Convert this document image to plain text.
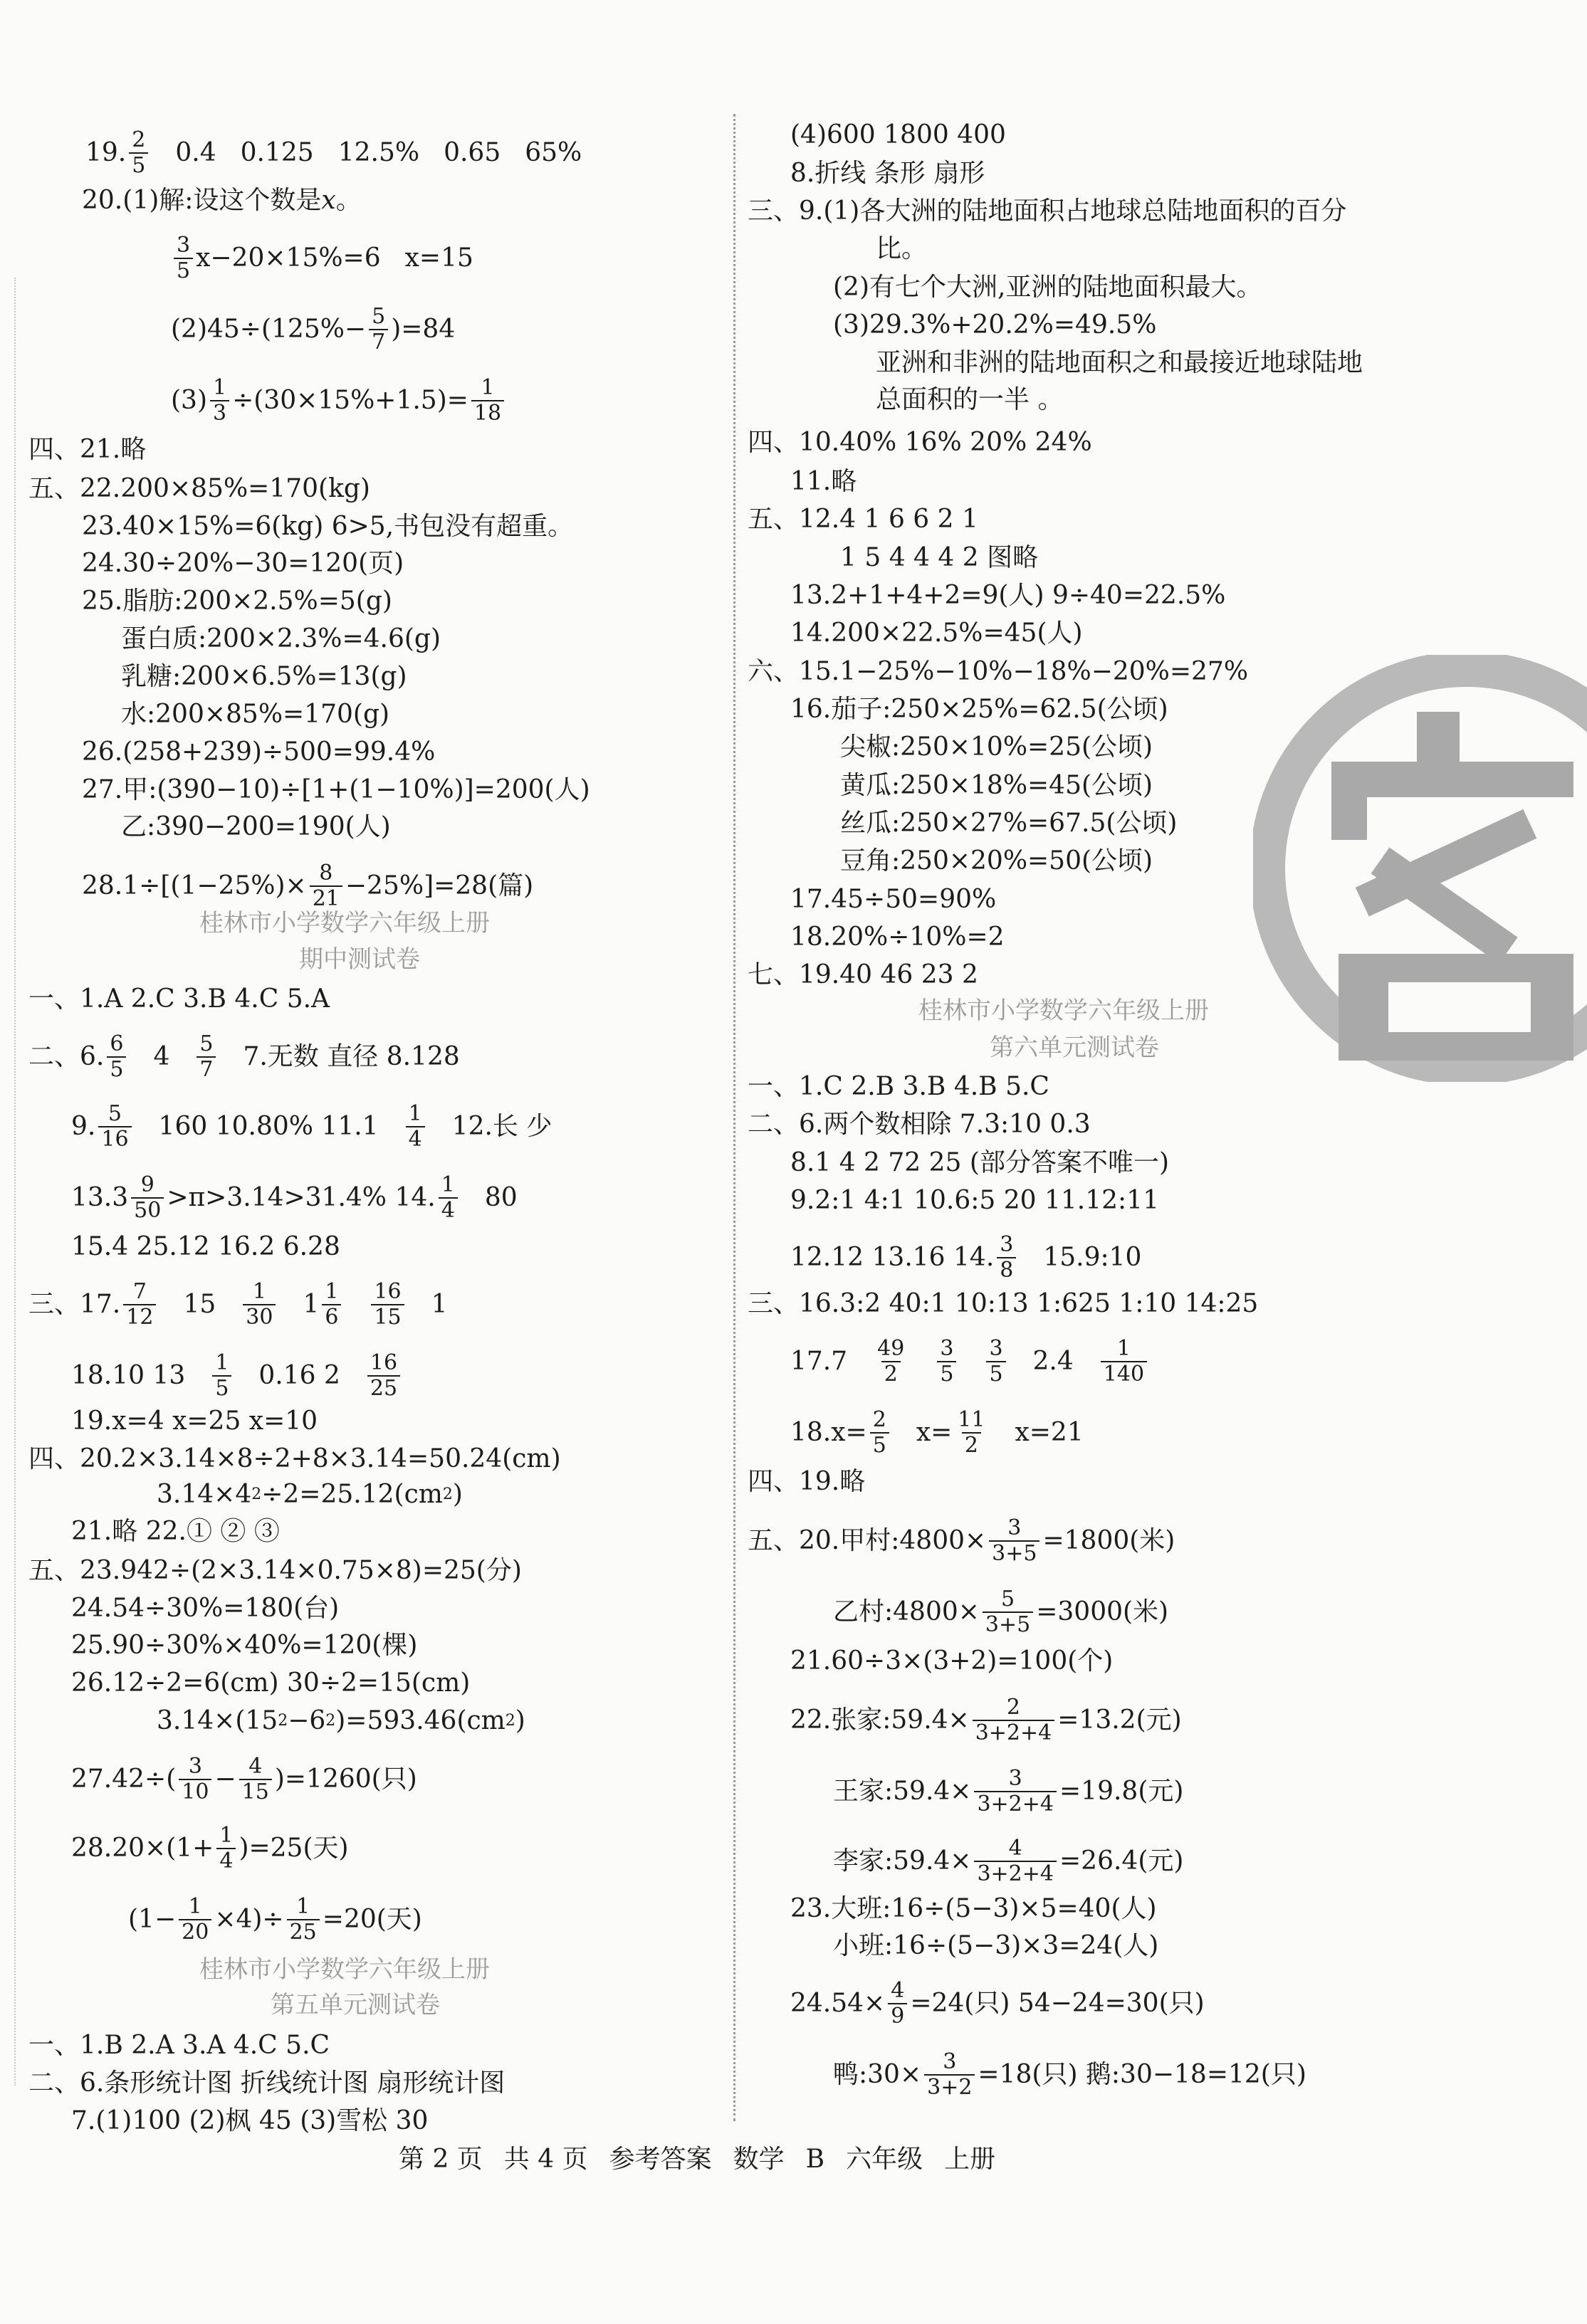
19. $\frac{2}{5} 0.4$ 0.125 12.5% 0.65 65%
20.(1)解:设这个数是 x 。
$\frac{3}{5} x-20\times 15\%=6$ x=15
$(2)45\div(125\%- \frac{5}{7} )=84$
$(3) \frac{1}{3} \div(30\times 15\%+1.5)= \frac{1}{18}$
四、21.略
五、22.200×85%=170(kg)
23.40×15%=6(kg) 6>5,书包没有超重。
24.30÷20%−30=120(页)
25.脂肪:200×2.5%=5(g)
蛋白质:200×2.3%=4.6(g)
乳糖:200×6.5%=13(g)
水:200×85%=170(g)
26.(258+239)÷500=99.4%
27.甲:(390−10)÷[1+(1−10%)]=200(人)
乙:390−200=190(人)
$28.1\div[(1-25\%)\times \frac{8}{21} -25\%]=28$(篇)
桂林市小学数学六年级上册
期中测试卷
一、1.A 2.C 3.B 4.C 5.A
二、6. $\frac{6}{5} 4 \frac{5}{7} 7$.无数 直径 8.128
9. $\frac{5}{16} 160$ 10.80% $11.1 \frac{1}{4} 12$.长 少
$13.3 \frac{9}{50} >\pi>3.14>31.4\%$ 14. $\frac{1}{4} 80$
15.4 25.12 16.2 6.28
三、17. $\frac{7}{12} 15 \frac{1}{30} 1 \frac{1}{6} \frac{16}{15} 1$
18.10 $13 \frac{1}{5} 0.16$ $2 \frac{16}{25}$
19.x=4 x=25 x=10
四、20.2×3.14×8÷2+8×3.14=50.24(cm)
3.14×4 2 ÷2=25.12(cm 2 )
21.略 22.① ② ③
五、23.942÷(2×3.14×0.75×8)=25(分)
24.54÷30%=180(台)
25.90÷30%×40%=120(棵)
26.12÷2=6(cm) 30÷2=15(cm)
3.14×(15 2 −6 2 )=593.46(cm 2 )
$27.42\div( \frac{3}{10} - \frac{4}{15} )=1260$(只)
$28.20\times(1+ \frac{1}{4} )=25$(天)
$(1- \frac{1}{20} \times 4)\div \frac{1}{25} =20$(天)
桂林市小学数学六年级上册
第五单元测试卷
一、1.B 2.A 3.A 4.C 5.C
二、6.条形统计图 折线统计图 扇形统计图
7.(1)100 (2)枫 45 (3)雪松 30
(4)600 1800 400
8.折线 条形 扇形
三、9.(1)各大洲的陆地面积占地球总陆地面积的百分
比。
(2)有七个大洲,亚洲的陆地面积最大。
(3)29.3%+20.2%=49.5%
亚洲和非洲的陆地面积之和最接近地球陆地
总面积的一半 。
四、10.40% 16% 20% 24%
11.略
五、12.4 1 6 6 2 1
1 5 4 4 4 2 图略
13.2+1+4+2=9(人) 9÷40=22.5%
14.200×22.5%=45(人)
六、15.1−25%−10%−18%−20%=27%
16.茄子:250×25%=62.5(公顷)
尖椒:250×10%=25(公顷)
黄瓜:250×18%=45(公顷)
丝瓜:250×27%=67.5(公顷)
豆角:250×20%=50(公顷)
17.45÷50=90%
18.20%÷10%=2
七、19.40 46 23 2
桂林市小学数学六年级上册
第六单元测试卷
一、1.C 2.B 3.B 4.B 5.C
二、6.两个数相除 7.3:10 0.3
8.1 4 2 72 25 (部分答案不唯一)
9.2:1 4:1 10.6:5 20 11.12:11
12.12 13.16 14. $\frac{3}{8}$ 15.9:10
三、16.3:2 40:1 10:13 1:625 1:10 14:25
$17.7 \frac{49}{2} \frac{3}{5} \frac{3}{5} 2.4 \frac{1}{140}$
$18.x= \frac{2}{5} x= \frac{11}{2} x=21$
四、19.略
五、20.甲村:4800× $\frac{3}{3+5} =1800$(米)
乙村:4800× $\frac{5}{3+5} =3000$(米)
21.60÷3×(3+2)=100(个)
22.张家:59.4× $\frac{2}{3+2+4} =13.2$(元)
王家:59.4× $\frac{3}{3+2+4} =19.8$(元)
李家:59.4× $\frac{4}{3+2+4} =26.4$(元)
23.大班:16÷(5−3)×5=40(人)
小班:16÷(5−3)×3=24(人)
$24.54\times \frac{4}{9} =24$(只) 54−24=30(只)
鸭:30× $\frac{3}{3+2} =18$(只) 鹅:30−18=12(只)
第 2 页 共 4 页 参考答案 数学 B 六年级 上册
